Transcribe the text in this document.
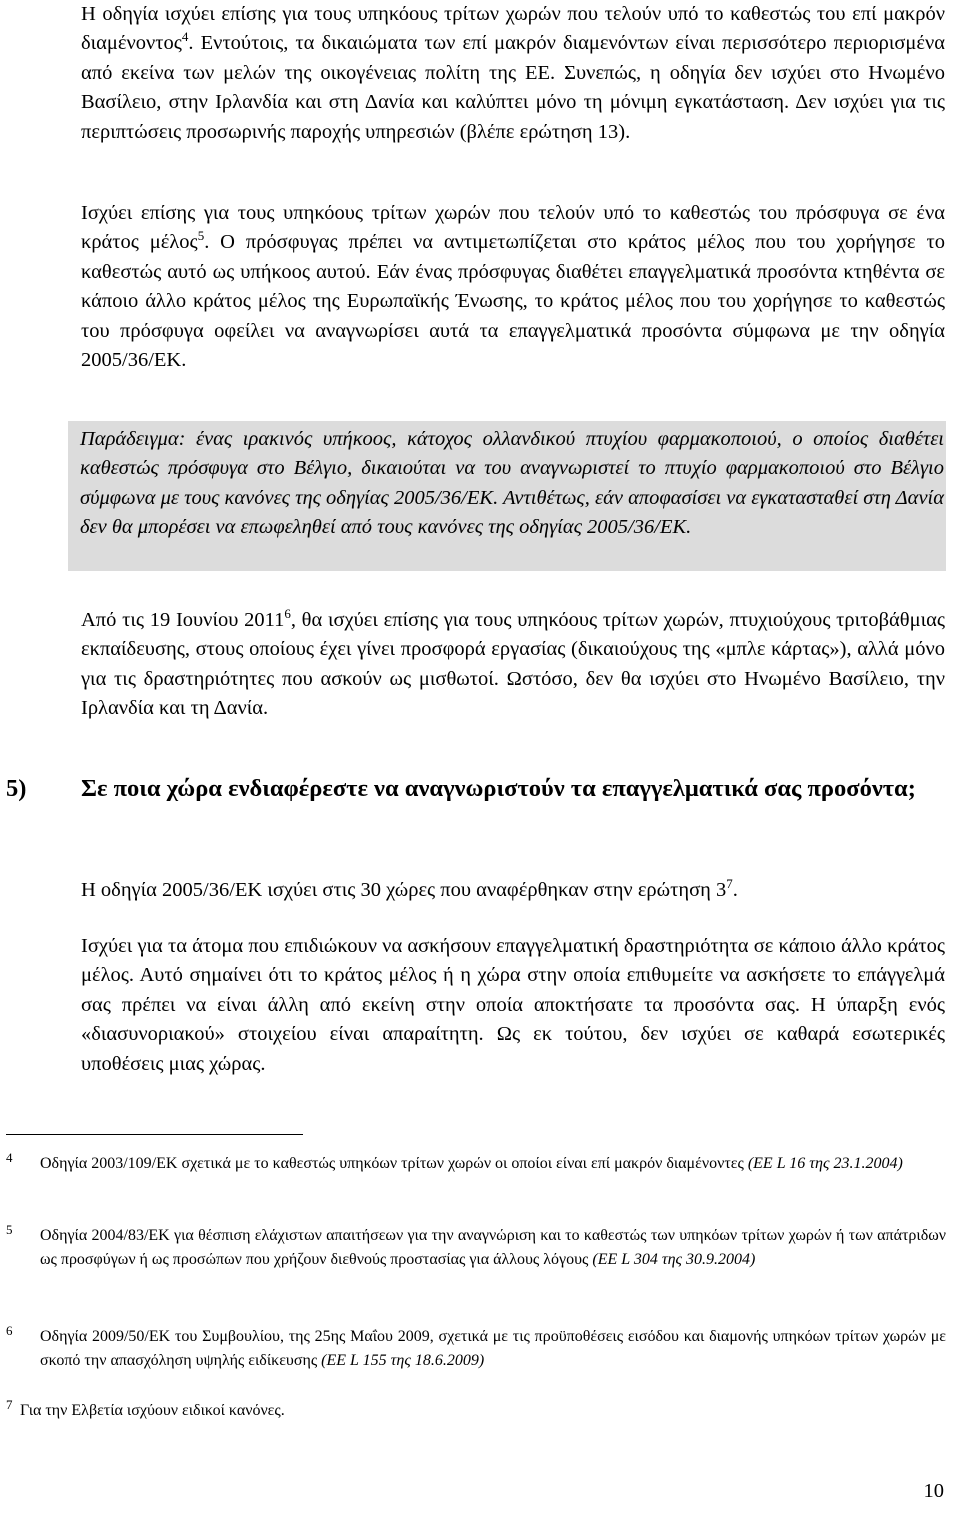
Η οδηγία ισχύει επίσης για τους υπηκόους τρίτων χωρών που τελούν υπό το καθεστώς του επί μακρόν διαμένοντος$^4$. Εντούτοις, τα δικαιώματα των επί μακρόν διαμενόντων είναι περισσότερο περιορισμένα από εκείνα των μελών της οικογένειας πολίτη της ΕΕ. Συνεπώς, η οδηγία δεν ισχύει στο Ηνωμένο Βασίλειο, στην Ιρλανδία και στη Δανία και καλύπτει μόνο τη μόνιμη εγκατάσταση. Δεν ισχύει για τις περιπτώσεις προσωρινής παροχής υπηρεσιών (βλέπε ερώτηση 13).

Ισχύει επίσης για τους υπηκόους τρίτων χωρών που τελούν υπό το καθεστώς του πρόσφυγα σε ένα κράτος μέλος$^5$. Ο πρόσφυγας πρέπει να αντιμετωπίζεται στο κράτος μέλος που του χορήγησε το καθεστώς αυτό ως υπήκοος αυτού. Εάν ένας πρόσφυγας διαθέτει επαγγελματικά προσόντα κτηθέντα σε κάποιο άλλο κράτος μέλος της Ευρωπαϊκής Ένωσης, το κράτος μέλος που του χορήγησε το καθεστώς του πρόσφυγα οφείλει να αναγνωρίσει αυτά τα επαγγελματικά προσόντα σύμφωνα με την οδηγία 2005/36/ΕΚ.

Παράδειγμα: ένας ιρακινός υπήκοος, κάτοχος ολλανδικού πτυχίου φαρμακοποιού, ο οποίος διαθέτει καθεστώς πρόσφυγα στο Βέλγιο, δικαιούται να του αναγνωριστεί το πτυχίο φαρμακοποιού στο Βέλγιο σύμφωνα με τους κανόνες της οδηγίας 2005/36/ΕΚ. Αντιθέτως, εάν αποφασίσει να εγκατασταθεί στη Δανία δεν θα μπορέσει να επωφεληθεί από τους κανόνες της οδηγίας 2005/36/ΕΚ.

Από τις 19 Ιουνίου 2011$^6$, θα ισχύει επίσης για τους υπηκόους τρίτων χωρών, πτυχιούχους τριτοβάθμιας εκπαίδευσης, στους οποίους έχει γίνει προσφορά εργασίας (δικαιούχους της «μπλε κάρτας»), αλλά μόνο για τις δραστηριότητες που ασκούν ως μισθωτοί. Ωστόσο, δεν θα ισχύει στο Ηνωμένο Βασίλειο, την Ιρλανδία και τη Δανία.

5) Σε ποια χώρα ενδιαφέρεστε να αναγνωριστούν τα επαγγελματικά σας προσόντα;

Η οδηγία 2005/36/ΕΚ ισχύει στις 30 χώρες που αναφέρθηκαν στην ερώτηση 3$^7$.

Ισχύει για τα άτομα που επιδιώκουν να ασκήσουν επαγγελματική δραστηριότητα σε κάποιο άλλο κράτος μέλος. Αυτό σημαίνει ότι το κράτος μέλος ή η χώρα στην οποία επιθυμείτε να ασκήσετε το επάγγελμά σας πρέπει να είναι άλλη από εκείνη στην οποία αποκτήσατε τα προσόντα σας. Η ύπαρξη ενός «διασυνοριακού» στοιχείου είναι απαραίτητη. Ως εκ τούτου, δεν ισχύει σε καθαρά εσωτερικές υποθέσεις μιας χώρας.

4 Οδηγία 2003/109/ΕΚ σχετικά με το καθεστώς υπηκόων τρίτων χωρών οι οποίοι είναι επί μακρόν διαμένοντες (ΕΕ L 16 της 23.1.2004)
5 Οδηγία 2004/83/ΕΚ για θέσπιση ελάχιστων απαιτήσεων για την αναγνώριση και το καθεστώς των υπηκόων τρίτων χωρών ή των απάτριδων ως προσφύγων ή ως προσώπων που χρήζουν διεθνούς προστασίας για άλλους λόγους (ΕΕ L 304 της 30.9.2004)
6 Οδηγία 2009/50/ΕΚ του Συμβουλίου, της 25ης Μαΐου 2009, σχετικά με τις προϋποθέσεις εισόδου και διαμονής υπηκόων τρίτων χωρών με σκοπό την απασχόληση υψηλής ειδίκευσης (ΕΕ L 155 της 18.6.2009)
7 Για την Ελβετία ισχύουν ειδικοί κανόνες.
10
